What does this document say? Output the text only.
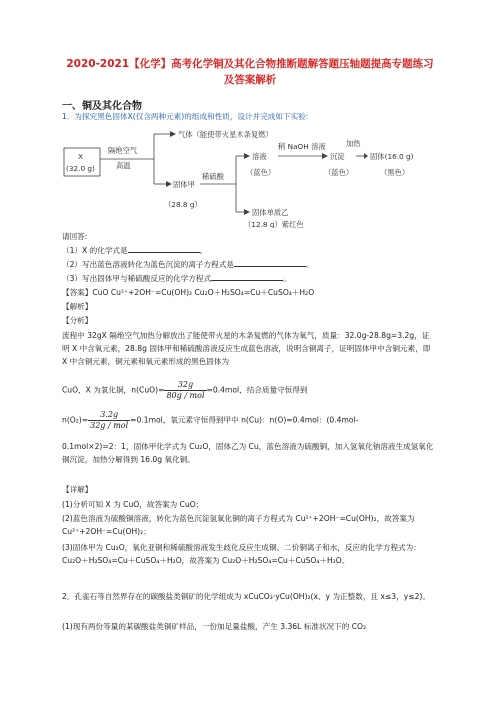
2020-2021【化学】高考化学铜及其化合物推断题解答题压轴题提高专题练习
及答案解析
一、铜及其化合物
1．为探究黑色固体X(仅含两种元素)的组成和性质，设计并完成如下实验:
X
(32.0 g)
隔绝空气
高温
气体（能使带火星木条复燃）
固体甲
（28.8 g）
稀硫酸
溶液
（蓝色）
稍 NaOH 溶液
沉淀
（蓝色）
加热
固体(16.0 g)
（黑色）
固体单质乙
（12.8 g）紫红色
请回答:
（1）X 的化学式是	。
（2）写出蓝色溶液转化为蓝色沉淀的离子方程式是	。
（3）写出固体甲与稀硫酸反应的化学方程式	。
【答案】CuO Cu²⁺+2OH⁻=Cu(OH)₂ Cu₂O＋H₂SO₄=Cu＋CuSO₄＋H₂O
【解析】
【分析】
流程中 32gX 隔绝空气加热分解放出了能使带火星的木条复燃的气体为氧气，质量：32.0g-28.8g=3.2g，证明 X 中含氧元素，28.8g 固体甲和稀硫酸溶液反应生成蓝色溶液，说明含铜离子，证明固体甲中含铜元素，即 X 中含铜元素，铜元素和氧元素形成的黑色固体为
CuO，X 为氧化铜，$n(CuO)= \frac{32g}{\text{80g / mol}} =0.4mol$，结合质量守恒得到
$n(O_2)= \frac{3.2g}{\text{32g / mol}} =0.1mol$，氧元素守恒得到甲中 n(Cu)：n(O)=0.4mol：(0.4mol-
0.1mol×2)=2：1，固体甲化学式为 Cu₂O，固体乙为 Cu，蓝色溶液为硫酸铜，加入氢氧化钠溶液生成氢氧化铜沉淀，加热分解得到 16.0g 氧化铜。
【详解】
(1)分析可知 X 为 CuO，故答案为 CuO；
(2)蓝色溶液为硫酸铜溶液，转化为蓝色沉淀氢氧化铜的离子方程式为 Cu²⁺+2OH⁻=Cu(OH)₂，故答案为 Cu²⁺+2OH⁻=Cu(OH)₂；
(3)固体甲为 Cu₂O，氧化亚铜和稀硫酸溶液发生歧化反应生成铜、二价铜离子和水，反应的化学方程式为：Cu₂O＋H₂SO₄=Cu＋CuSO₄＋H₂O，故答案为 Cu₂O＋H₂SO₄=Cu＋CuSO₄＋H₂O。
2．孔雀石等自然界存在的碳酸盐类铜矿的化学组成为 xCuCO₃·yCu(OH)₂(x、y 为正整数，且 x≤3，y≤2)。
(1)现有两份等量的某碳酸盐类铜矿样品，一份加足量盐酸，产生 3.36L 标准状况下的 CO₂
